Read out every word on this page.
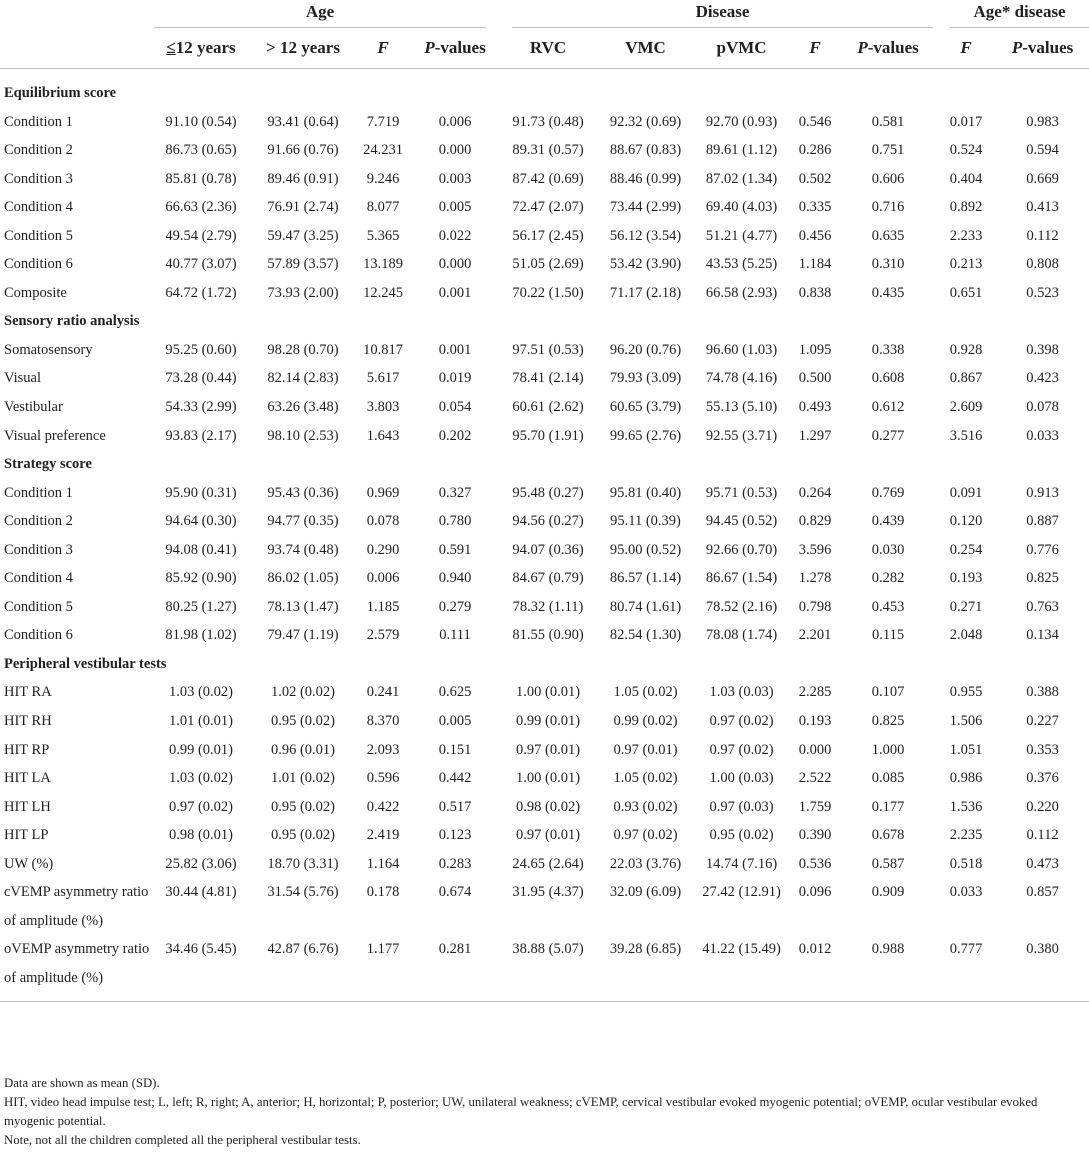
	Age				Disease					Age* disease	

	≤12 years	> 12 years	F	P-values	RVC	VMC	pVMC	F	P-values	F	P-values

Equilibrium score											
Condition 1	91.10 (0.54)	93.41 (0.64)	7.719	0.006	91.73 (0.48)	92.32 (0.69)	92.70 (0.93)	0.546	0.581	0.017	0.983
Condition 2	86.73 (0.65)	91.66 (0.76)	24.231	0.000	89.31 (0.57)	88.67 (0.83)	89.61 (1.12)	0.286	0.751	0.524	0.594
Condition 3	85.81 (0.78)	89.46 (0.91)	9.246	0.003	87.42 (0.69)	88.46 (0.99)	87.02 (1.34)	0.502	0.606	0.404	0.669
Condition 4	66.63 (2.36)	76.91 (2.74)	8.077	0.005	72.47 (2.07)	73.44 (2.99)	69.40 (4.03)	0.335	0.716	0.892	0.413
Condition 5	49.54 (2.79)	59.47 (3.25)	5.365	0.022	56.17 (2.45)	56.12 (3.54)	51.21 (4.77)	0.456	0.635	2.233	0.112
Condition 6	40.77 (3.07)	57.89 (3.57)	13.189	0.000	51.05 (2.69)	53.42 (3.90)	43.53 (5.25)	1.184	0.310	0.213	0.808
Composite	64.72 (1.72)	73.93 (2.00)	12.245	0.001	70.22 (1.50)	71.17 (2.18)	66.58 (2.93)	0.838	0.435	0.651	0.523
Sensory ratio analysis											
Somatosensory	95.25 (0.60)	98.28 (0.70)	10.817	0.001	97.51 (0.53)	96.20 (0.76)	96.60 (1.03)	1.095	0.338	0.928	0.398
Visual	73.28 (0.44)	82.14 (2.83)	5.617	0.019	78.41 (2.14)	79.93 (3.09)	74.78 (4.16)	0.500	0.608	0.867	0.423
Vestibular	54.33 (2.99)	63.26 (3.48)	3.803	0.054	60.61 (2.62)	60.65 (3.79)	55.13 (5.10)	0.493	0.612	2.609	0.078
Visual preference	93.83 (2.17)	98.10 (2.53)	1.643	0.202	95.70 (1.91)	99.65 (2.76)	92.55 (3.71)	1.297	0.277	3.516	0.033
Strategy score											
Condition 1	95.90 (0.31)	95.43 (0.36)	0.969	0.327	95.48 (0.27)	95.81 (0.40)	95.71 (0.53)	0.264	0.769	0.091	0.913
Condition 2	94.64 (0.30)	94.77 (0.35)	0.078	0.780	94.56 (0.27)	95.11 (0.39)	94.45 (0.52)	0.829	0.439	0.120	0.887
Condition 3	94.08 (0.41)	93.74 (0.48)	0.290	0.591	94.07 (0.36)	95.00 (0.52)	92.66 (0.70)	3.596	0.030	0.254	0.776
Condition 4	85.92 (0.90)	86.02 (1.05)	0.006	0.940	84.67 (0.79)	86.57 (1.14)	86.67 (1.54)	1.278	0.282	0.193	0.825
Condition 5	80.25 (1.27)	78.13 (1.47)	1.185	0.279	78.32 (1.11)	80.74 (1.61)	78.52 (2.16)	0.798	0.453	0.271	0.763
Condition 6	81.98 (1.02)	79.47 (1.19)	2.579	0.111	81.55 (0.90)	82.54 (1.30)	78.08 (1.74)	2.201	0.115	2.048	0.134
Peripheral vestibular tests											
HIT RA	1.03 (0.02)	1.02 (0.02)	0.241	0.625	1.00 (0.01)	1.05 (0.02)	1.03 (0.03)	2.285	0.107	0.955	0.388
HIT RH	1.01 (0.01)	0.95 (0.02)	8.370	0.005	0.99 (0.01)	0.99 (0.02)	0.97 (0.02)	0.193	0.825	1.506	0.227
HIT RP	0.99 (0.01)	0.96 (0.01)	2.093	0.151	0.97 (0.01)	0.97 (0.01)	0.97 (0.02)	0.000	1.000	1.051	0.353
HIT LA	1.03 (0.02)	1.01 (0.02)	0.596	0.442	1.00 (0.01)	1.05 (0.02)	1.00 (0.03)	2.522	0.085	0.986	0.376
HIT LH	0.97 (0.02)	0.95 (0.02)	0.422	0.517	0.98 (0.02)	0.93 (0.02)	0.97 (0.03)	1.759	0.177	1.536	0.220
HIT LP	0.98 (0.01)	0.95 (0.02)	2.419	0.123	0.97 (0.01)	0.97 (0.02)	0.95 (0.02)	0.390	0.678	2.235	0.112
UW (%)	25.82 (3.06)	18.70 (3.31)	1.164	0.283	24.65 (2.64)	22.03 (3.76)	14.74 (7.16)	0.536	0.587	0.518	0.473
cVEMP asymmetry ratio of amplitude (%)	30.44 (4.81)	31.54 (5.76)	0.178	0.674	31.95 (4.37)	32.09 (6.09)	27.42 (12.91)	0.096	0.909	0.033	0.857
oVEMP asymmetry ratio of amplitude (%)	34.46 (5.45)	42.87 (6.76)	1.177	0.281	38.88 (5.07)	39.28 (6.85)	41.22 (15.49)	0.012	0.988	0.777	0.380

Data are shown as mean (SD).

HIT, video head impulse test; L, left; R, right; A, anterior; H, horizontal; P, posterior; UW, unilateral weakness; cVEMP, cervical vestibular evoked myogenic potential; oVEMP, ocular vestibular evoked myogenic potential.

Note, not all the children completed all the peripheral vestibular tests.
